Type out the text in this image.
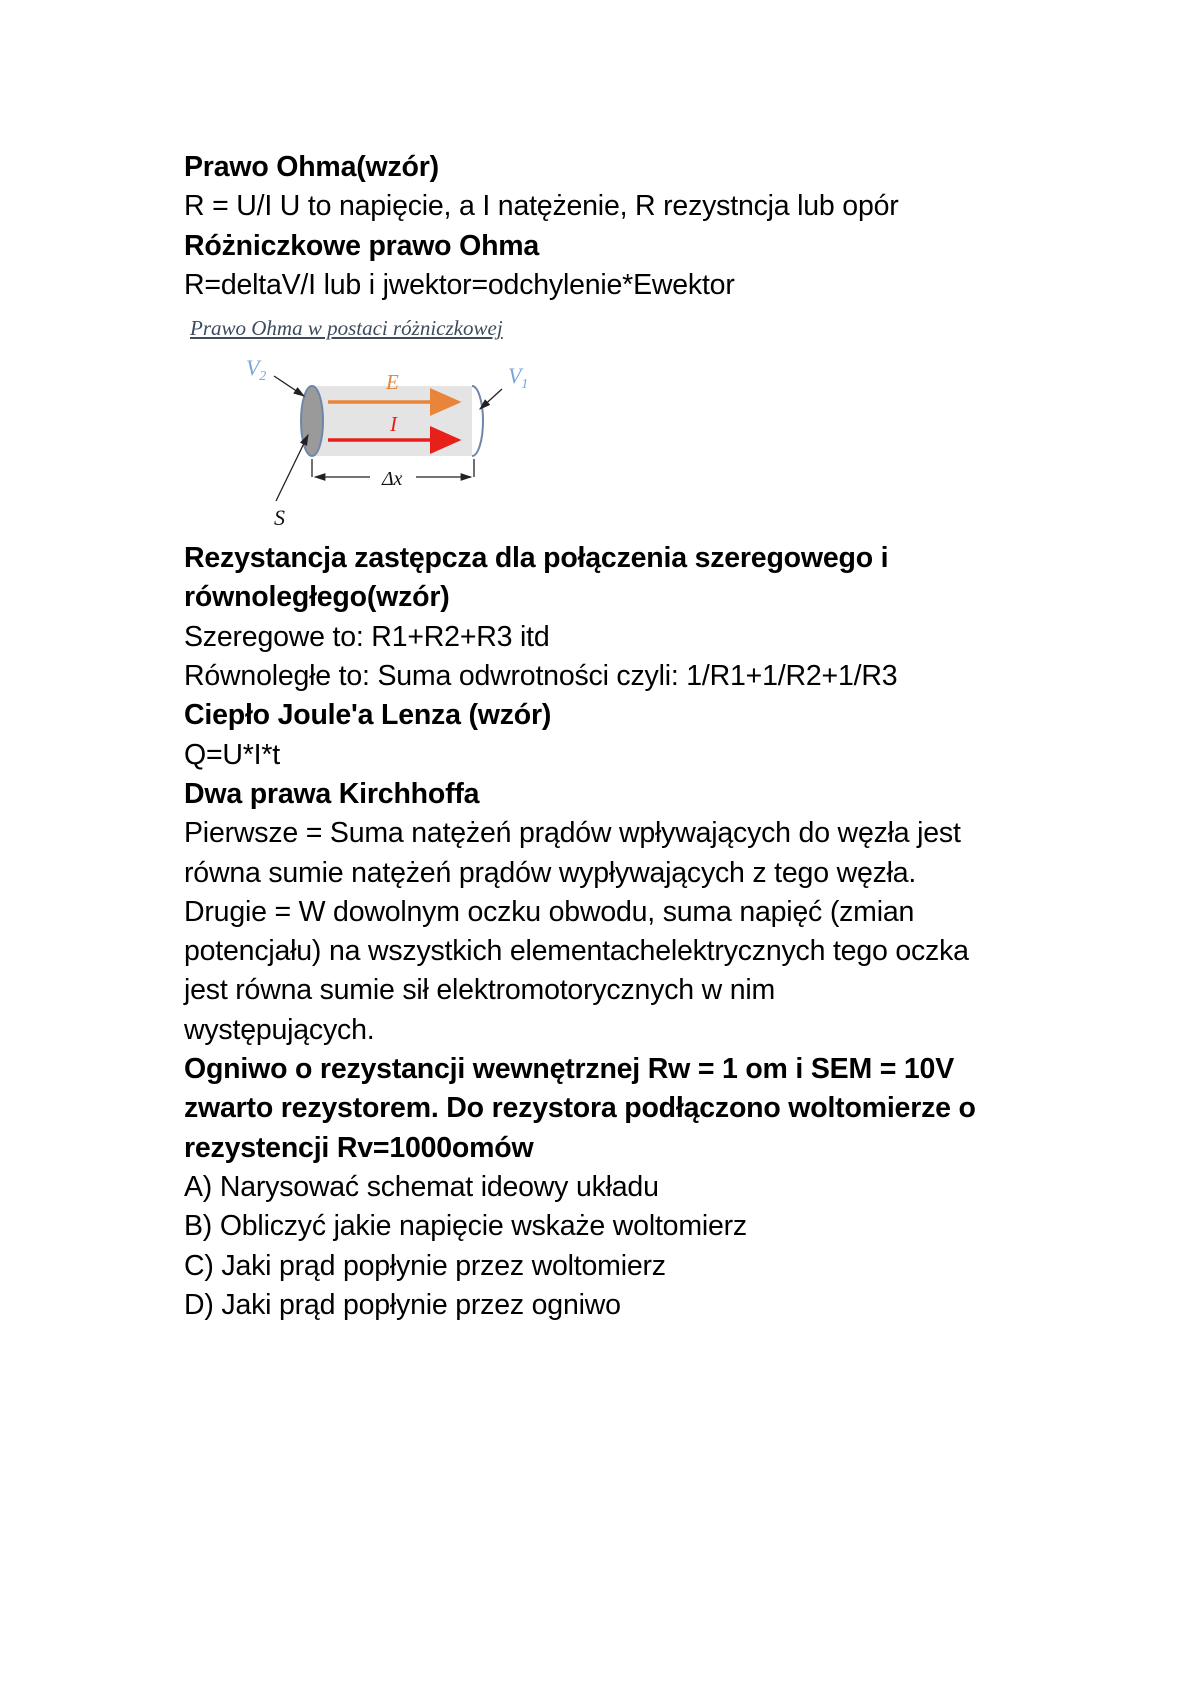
Prawo Ohma(wzór)
R = U/I U to napięcie, a I natężenie, R rezystncja lub opór
Różniczkowe prawo Ohma
R=deltaV/I lub i jwektor=odchylenie*Ewektor
Prawo Ohma w postaci różniczkowej
$V_2$	$V_1$
E
I
S
Δx
Rezystancja zastępcza dla połączenia szeregowego i
równoległego(wzór)
Szeregowe to: R1+R2+R3 itd
Równoległe to: Suma odwrotności czyli: 1/R1+1/R2+1/R3
Ciepło Joule'a Lenza (wzór)
Q=U*I*t
Dwa prawa Kirchhoffa
Pierwsze = Suma natężeń prądów wpływających do węzła jest
równa sumie natężeń prądów wypływających z tego węzła.
Drugie = W dowolnym oczku obwodu, suma napięć (zmian
potencjału) na wszystkich elementachelektrycznych tego oczka
jest równa sumie sił elektromotorycznych w nim
występujących.
Ogniwo o rezystancji wewnętrznej Rw = 1 om i SEM = 10V
zwarto rezystorem. Do rezystora podłączono woltomierze o
rezystencji Rv=1000omów
A) Narysować schemat ideowy układu
B) Obliczyć jakie napięcie wskaże woltomierz
C) Jaki prąd popłynie przez woltomierz
D) Jaki prąd popłynie przez ogniwo
